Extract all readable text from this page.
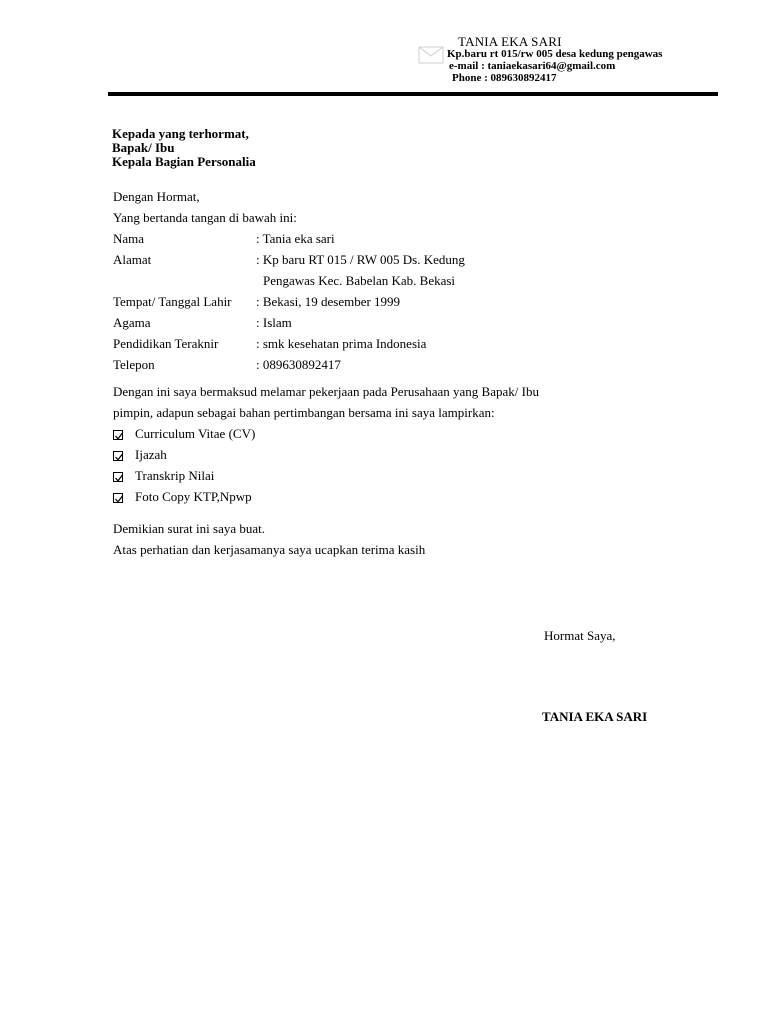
TANIA EKA SARI
Kp.baru rt 015/rw 005 desa kedung pengawas
e-mail : taniaekasari64@gmail.com
Phone : 089630892417
Kepada yang terhormat,
Bapak/ Ibu
Kepala Bagian Personalia
Dengan Hormat,
Yang bertanda tangan di bawah ini:
Nama	: Tania eka sari
Alamat	: Kp baru RT 015 / RW 005 Ds. Kedung
Pengawas Kec. Babelan Kab. Bekasi
Tempat/ Tanggal Lahir : Bekasi, 19 desember 1999
Agama	: Islam
Pendidikan Teraknir	: smk kesehatan prima Indonesia
Telepon	: 089630892417
Dengan ini saya bermaksud melamar pekerjaan pada Perusahaan yang Bapak/ Ibu
pimpin, adapun sebagai bahan pertimbangan bersama ini saya lampirkan:
Curriculum Vitae (CV)
Ijazah
Transkrip Nilai
Foto Copy KTP,Npwp
Demikian surat ini saya buat.
Atas perhatian dan kerjasamanya saya ucapkan terima kasih
Hormat Saya,
TANIA EKA SARI
